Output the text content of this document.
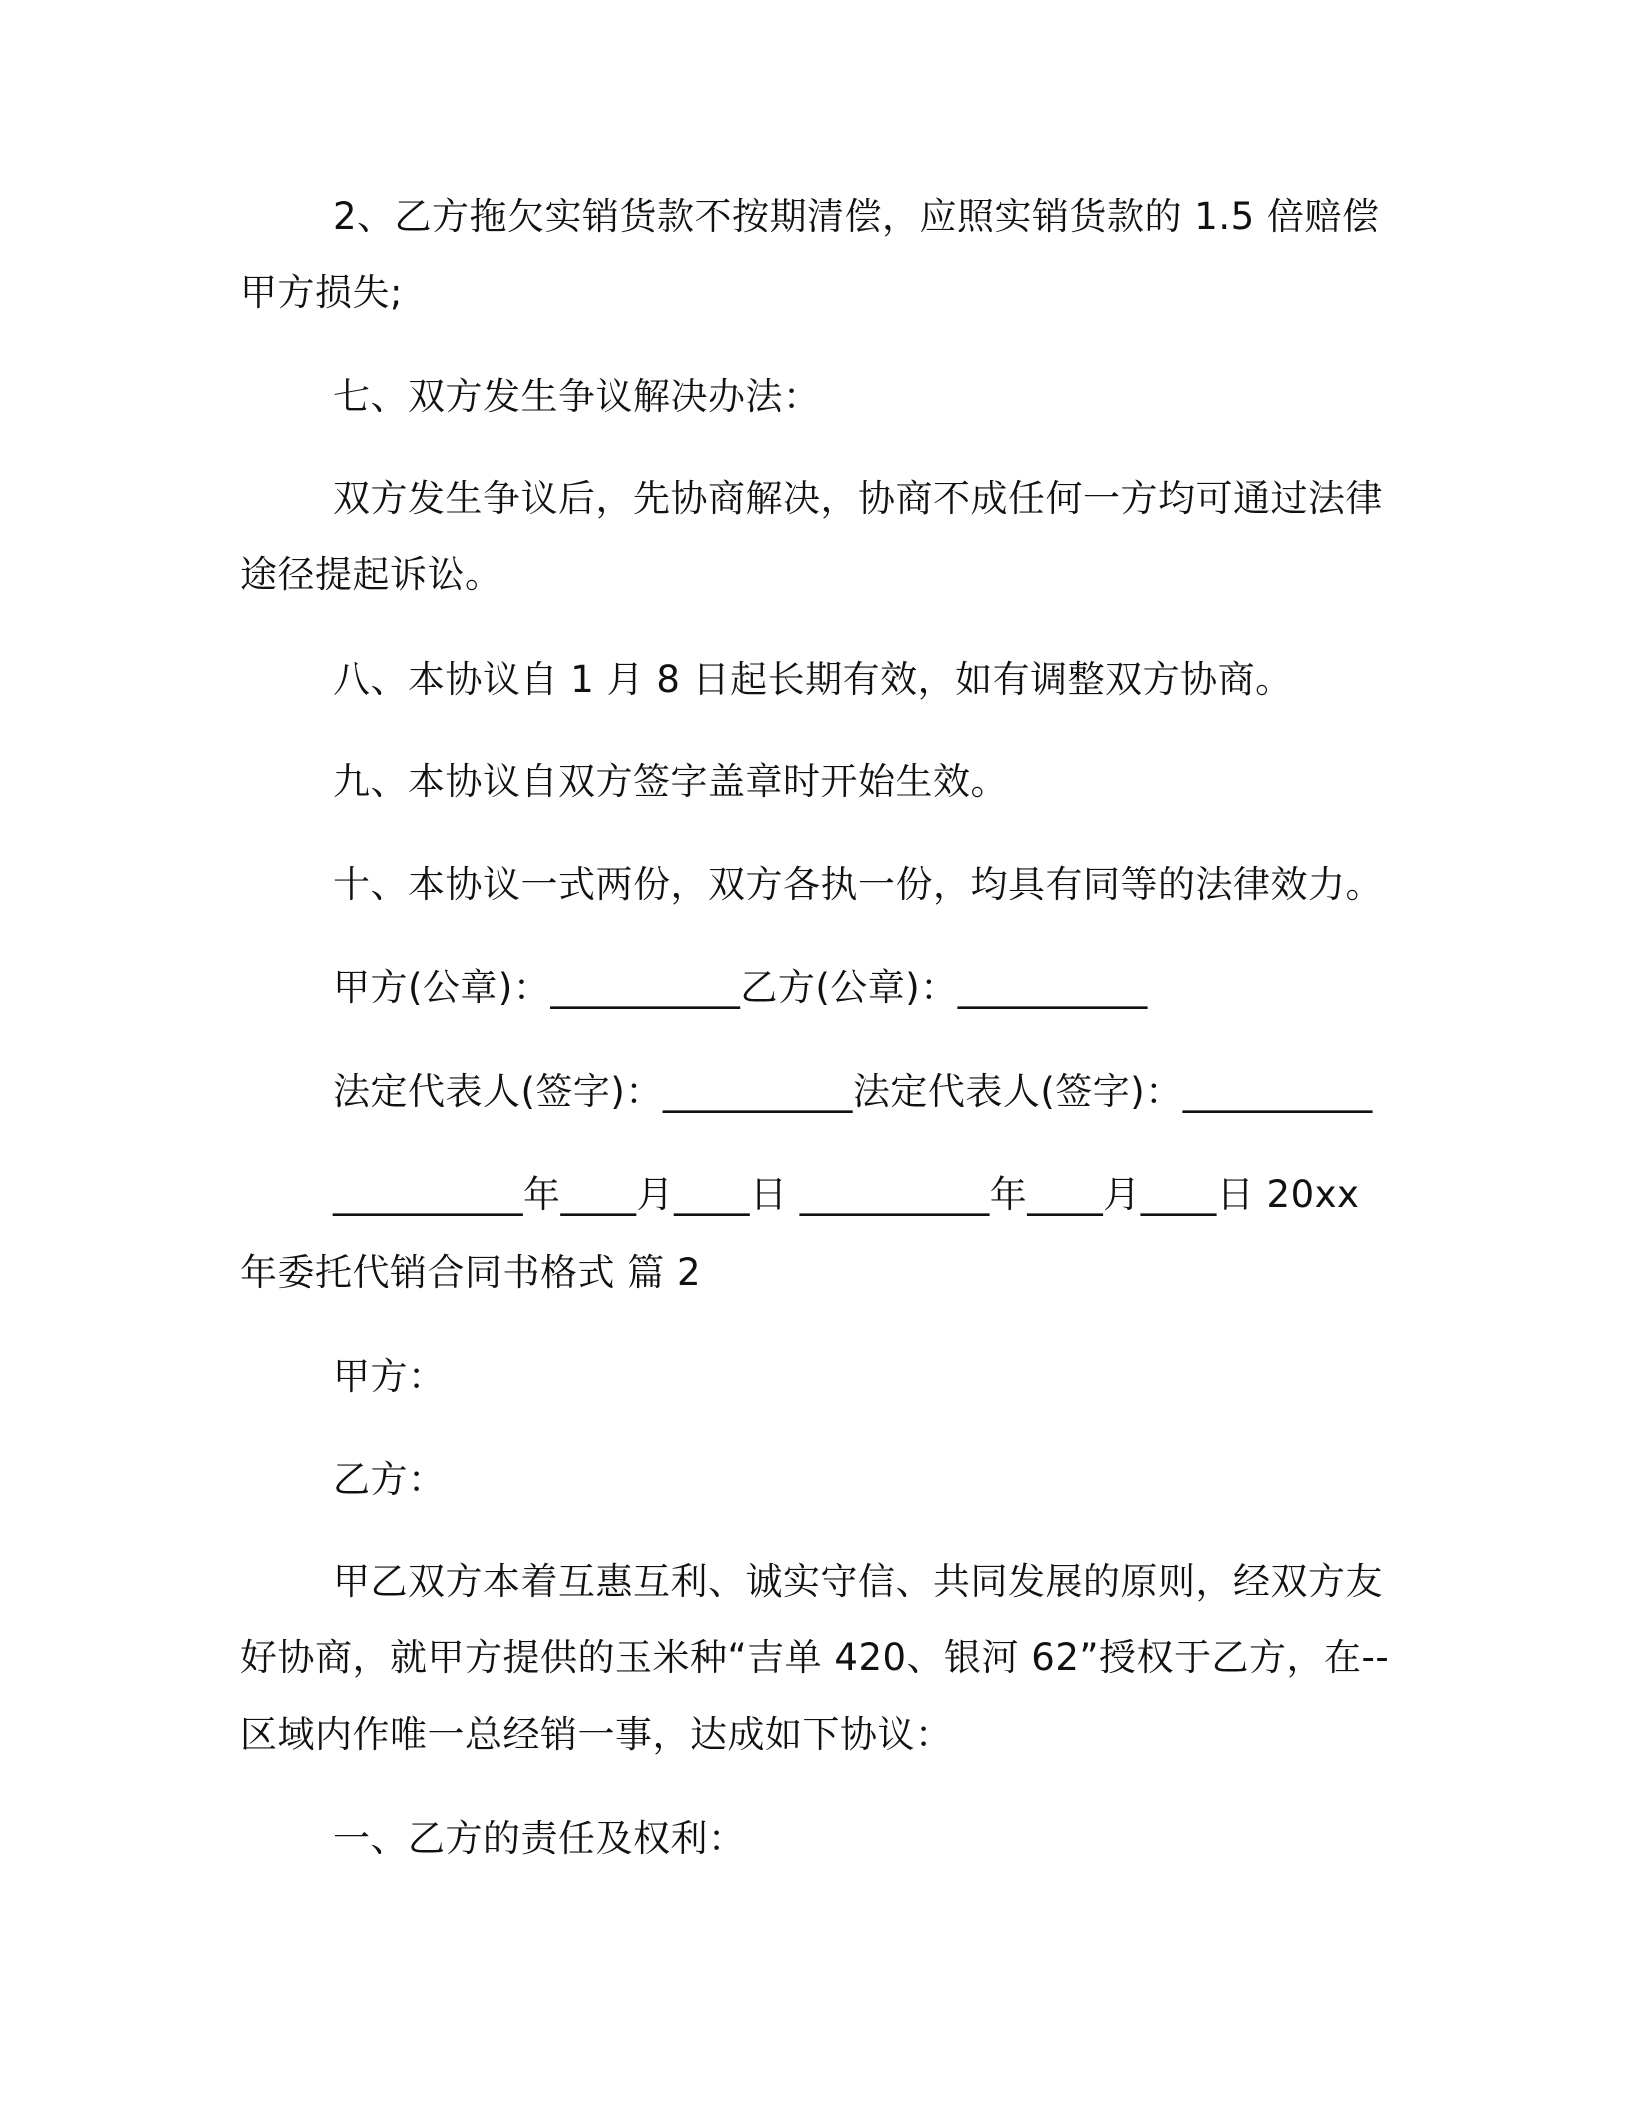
2、乙方拖欠实销货款不按期清偿，应照实销货款的 1.5 倍赔偿
甲方损失;
七、双方发生争议解决办法：
双方发生争议后，先协商解决，协商不成任何一方均可通过法律
途径提起诉讼。
八、本协议自 1 月 8 日起长期有效，如有调整双方协商。
九、本协议自双方签字盖章时开始生效。
十、本协议一式两份，双方各执一份，均具有同等的法律效力。
甲方(公章)：__________乙方(公章)：__________
法定代表人(签字)：__________法定代表人(签字)：__________
__________年____月____日 __________年____月____日 20xx
年委托代销合同书格式 篇 2
甲方：
乙方：
甲乙双方本着互惠互利、诚实守信、共同发展的原则，经双方友
好协商，就甲方提供的玉米种“吉单 420、银河 62”授权于乙方，在--
区域内作唯一总经销一事，达成如下协议：
一、乙方的责任及权利：
